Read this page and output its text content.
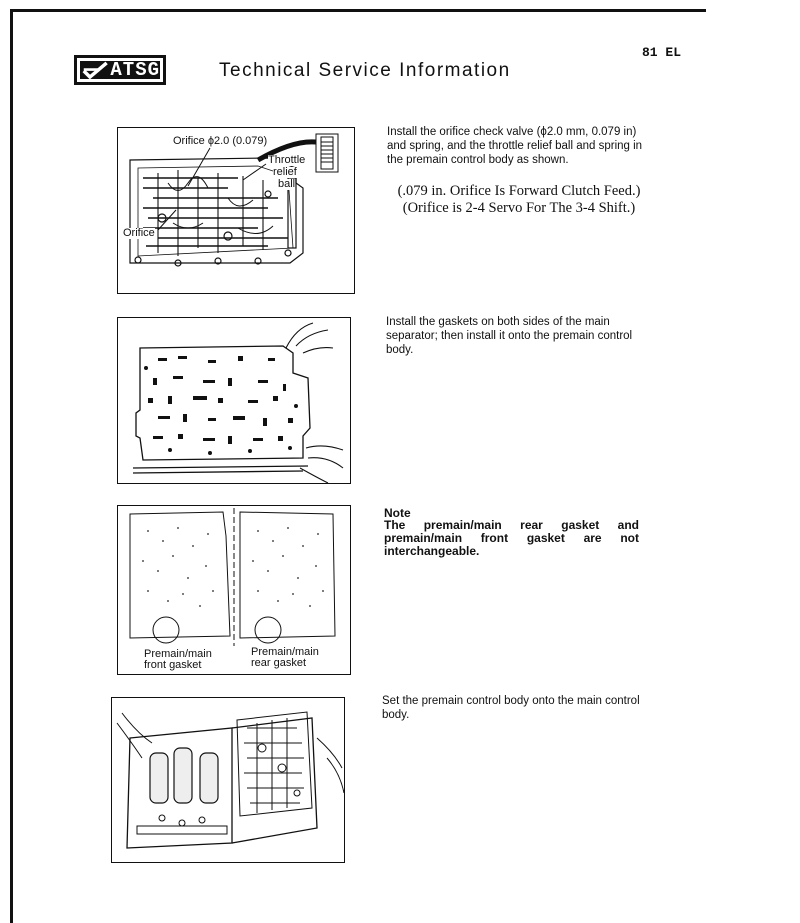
ATSG	Technical Service Information
81 EL
Orifice ϕ2.0 (0.079)
Throttle
relief
ball
Orifice
Install the orifice check valve (ϕ2.0 mm, 0.079 in) and spring, and the throttle relief ball and spring in the premain control body as shown.
(.079 in. Orifice Is Forward Clutch Feed.)
(Orifice is 2-4 Servo For The 3-4 Shift.)
Install the gaskets on both sides of the main separator; then install it onto the premain control body.
Premain/main
front gasket
Premain/main
rear gasket
Note
The premain/main rear gasket and premain/main front gasket are not interchangeable.
Set the premain control body onto the main control body.
